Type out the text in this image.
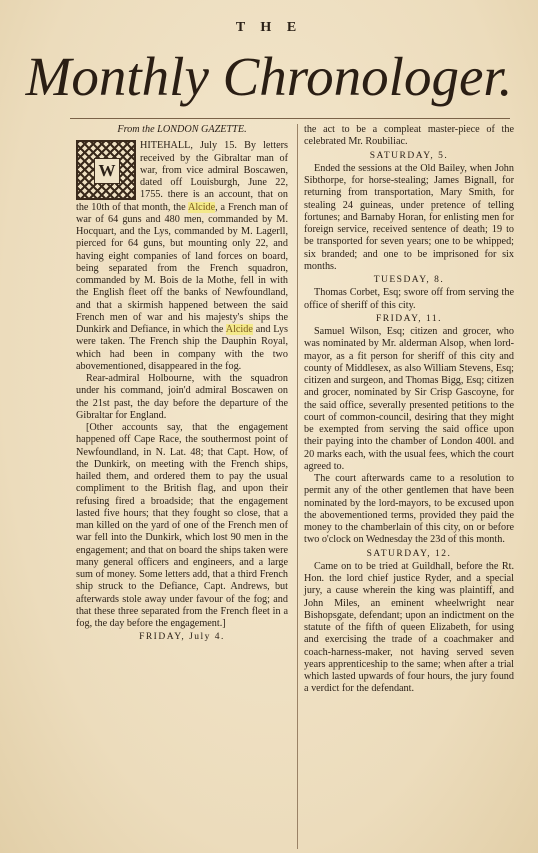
T H E
Monthly Chronologer.

From the LONDON GAZETTE.

W
HITEHALL, July 15. By letters received by the Gibraltar man of war, from vice admiral Boscawen, dated off Louisburgh, June 22, 1755. there is an account, that on the 10th of that month, the Alcide, a French man of war of 64 guns and 480 men, commanded by M. Hocquart, and the Lys, commanded by M. Lagerll, pierced for 64 guns, but mounting only 22, and having eight companies of land forces on board, being separated from the French squadron, commanded by M. Bois de la Mothe, fell in with the English fleet off the banks of Newfoundland, and that a skirmish happened between the said French men of war and his majesty's ships the Dunkirk and Defiance, in which the Alcide and Lys were taken. The French ship the Dauphin Royal, which had been in company with the two abovementioned, disappeared in the fog.

Rear-admiral Holbourne, with the squadron under his command, join'd admiral Boscawen on the 21st past, the day before the departure of the Gibraltar for England.

[Other accounts say, that the engagement happened off Cape Race, the southermost point of Newfoundland, in N. Lat. 48; that Capt. How, of the Dunkirk, on meeting with the French ships, hailed them, and ordered them to pay the usual compliment to the British flag, and upon their refusing fired a broadside; that the engagement lasted five hours; that they fought so close, that a man killed on the yard of one of the French men of war fell into the Dunkirk, which lost 90 men in the engagement; and that on board the ships taken were many general officers and engineers, and a large sum of money. Some letters add, that a third French ship struck to the Defiance, Capt. Andrews, but afterwards stole away under favour of the fog; and that these three separated from the French fleet in a fog, the day before the engagement.]

FRIDAY, July 4.

the act to be a compleat master-piece of the celebrated Mr. Roubiliac.

SATURDAY, 5.

Ended the sessions at the Old Bailey, when John Sibthorpe, for horse-stealing; James Bignall, for returning from transportation, Mary Smith, for stealing 24 guineas, under pretence of telling fortunes; and Barnaby Horan, for enlisting men for foreign service, received sentence of death; 19 to be transported for seven years; one to be whipped; six branded; and one to be imprisoned for six months.

TUESDAY, 8.

Thomas Corbet, Esq; swore off from serving the office of sheriff of this city.

FRIDAY, 11.

Samuel Wilson, Esq; citizen and grocer, who was nominated by Mr. alderman Alsop, when lord-mayor, as a fit person for sheriff of this city and county of Middlesex, as also William Stevens, Esq; citizen and surgeon, and Thomas Bigg, Esq; citizen and grocer, nominated by Sir Crisp Gascoyne, for the said office, severally presented petitions to the court of common-council, desiring that they might be exempted from serving the said office upon their paying into the chamber of London 400l. and 20 marks each, with the usual fees, which the court agreed to.

The court afterwards came to a resolution to permit any of the other gentlemen that have been nominated by the lord-mayors, to be excused upon the abovementioned terms, provided they paid the money to the chamberlain of this city, on or before two o'clock on Wednesday the 23d of this month.

SATURDAY, 12.

Came on to be tried at Guildhall, before the Rt. Hon. the lord chief justice Ryder, and a special jury, a cause wherein the king was plaintiff, and John Miles, an eminent wheelwright near Bishopsgate, defendant; upon an indictment on the statute of the fifth of queen Elizabeth, for using and exercising the trade of a coachmaker and coach-harness-maker, not having served seven years apprenticeship to the same; when after a trial which lasted upwards of four hours, the jury found a verdict for the defendant.
